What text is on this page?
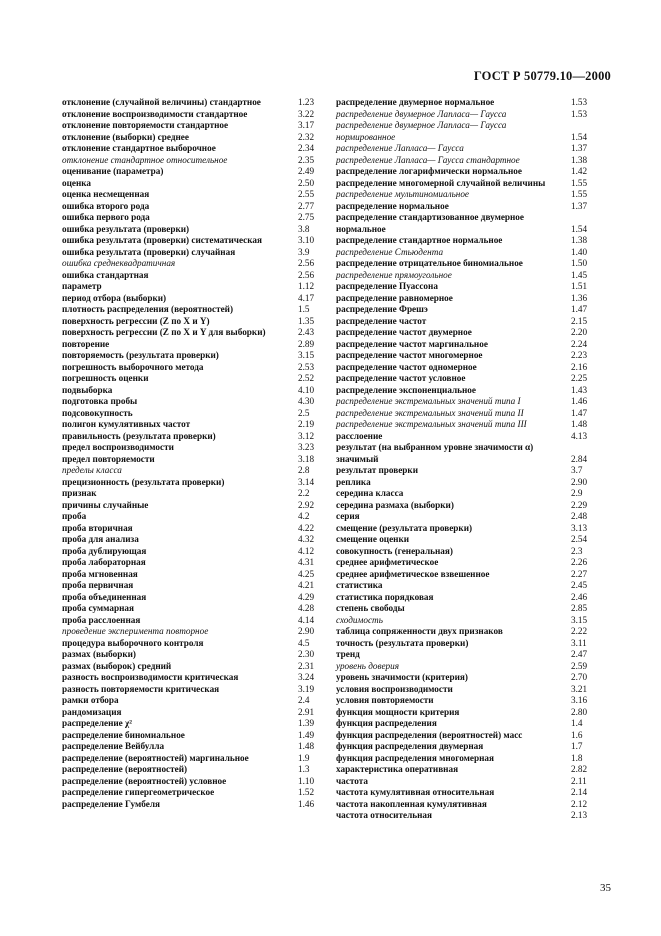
ГОСТ Р 50779.10—2000
отклонение (случайной величины) стандартное	1.23
отклонение воспроизводимости стандартное	3.22
отклонение повторяемости стандартное	3.17
отклонение (выборки) среднее	2.32
отклонение стандартное выборочное	2.34
отклонение стандартное относительное	2.35
оценивание (параметра)	2.49
оценка	2.50
оценка несмещенная	2.55
ошибка второго рода	2.77
ошибка первого рода	2.75
ошибка результата (проверки)	3.8
ошибка результата (проверки) систематическая	3.10
ошибка результата (проверки) случайная	3.9
ошибка среднеквадратичная	2.56
ошибка стандартная	2.56
параметр	1.12
период отбора (выборки)	4.17
плотность распределения (вероятностей)	1.5
поверхность регрессии (Z по X и Y)	1.35
поверхность регрессии (Z по X и Y для выборки)	2.43
повторение	2.89
повторяемость (результата проверки)	3.15
погрешность выборочного метода	2.53
погрешность оценки	2.52
подвыборка	4.10
подготовка пробы	4.30
подсовокупность	2.5
полигон кумулятивных частот	2.19
правильность (результата проверки)	3.12
предел воспроизводимости	3.23
предел повторяемости	3.18
пределы класса	2.8
прецизионность (результата проверки)	3.14
признак	2.2
причины случайные	2.92
проба	4.2
проба вторичная	4.22
проба для анализа	4.32
проба дублирующая	4.12
проба лабораторная	4.31
проба мгновенная	4.25
проба первичная	4.21
проба объединенная	4.29
проба суммарная	4.28
проба расслоенная	4.14
проведение эксперимента повторное	2.90
процедура выборочного контроля	4.5
размах (выборки)	2.30
размах (выборок) средний	2.31
разность воспроизводимости критическая	3.24
разность повторяемости критическая	3.19
рамки отбора	2.4
рандомизация	2.91
распределение χ²	1.39
распределение биномиальное	1.49
распределение Вейбулла	1.48
распределение (вероятностей) маргинальное	1.9
распределение (вероятностей)	1.3
распределение (вероятностей) условное	1.10
распределение гипергеометрическое	1.52
распределение Гумбеля	1.46
распределение двумерное нормальное	1.53
распределение двумерное Лапласа— Гаусса	1.53
распределение двумерное Лапласа— Гаусса нормированное	1.54
распределение Лапласа— Гаусса	1.37
распределение Лапласа— Гаусса стандартное	1.38
распределение логарифмически нормальное	1.42
распределение многомерной случайной величины	1.55
распределение мультиномиальное	1.55
распределение нормальное	1.37
распределение стандартизованное двумерное нормальное	1.54
распределение стандартное нормальное	1.38
распределение Стьюдента	1.40
распределение отрицательное биномиальное	1.50
распределение прямоугольное	1.45
распределение Пуассона	1.51
распределение равномерное	1.36
распределение Фрешэ	1.47
распределение частот	2.15
распределение частот двумерное	2.20
распределение частот маргинальное	2.24
распределение частот многомерное	2.23
распределение частот одномерное	2.16
распределение частот условное	2.25
распределение экспоненциальное	1.43
распределение экстремальных значений типа I	1.46
распределение экстремальных значений типа II	1.47
распределение экстремальных значений типа III	1.48
расслоение	4.13
результат (на выбранном уровне значимости α) значимый	2.84
результат проверки	3.7
реплика	2.90
середина класса	2.9
середина размаха (выборки)	2.29
серия	2.48
смещение (результата проверки)	3.13
смещение оценки	2.54
совокупность (генеральная)	2.3
среднее арифметическое	2.26
среднее арифметическое взвешенное	2.27
статистика	2.45
статистика порядковая	2.46
степень свободы	2.85
сходимость	3.15
таблица сопряженности двух признаков	2.22
точность (результата проверки)	3.11
тренд	2.47
уровень доверия	2.59
уровень значимости (критерия)	2.70
условия воспроизводимости	3.21
условия повторяемости	3.16
функция мощности критерия	2.80
функция распределения	1.4
функция распределения (вероятностей) масс	1.6
функция распределения двумерная	1.7
функция распределения многомерная	1.8
характеристика оперативная	2.82
частота	2.11
частота кумулятивная относительная	2.14
частота накопленная кумулятивная	2.12
частота относительная	2.13
35
